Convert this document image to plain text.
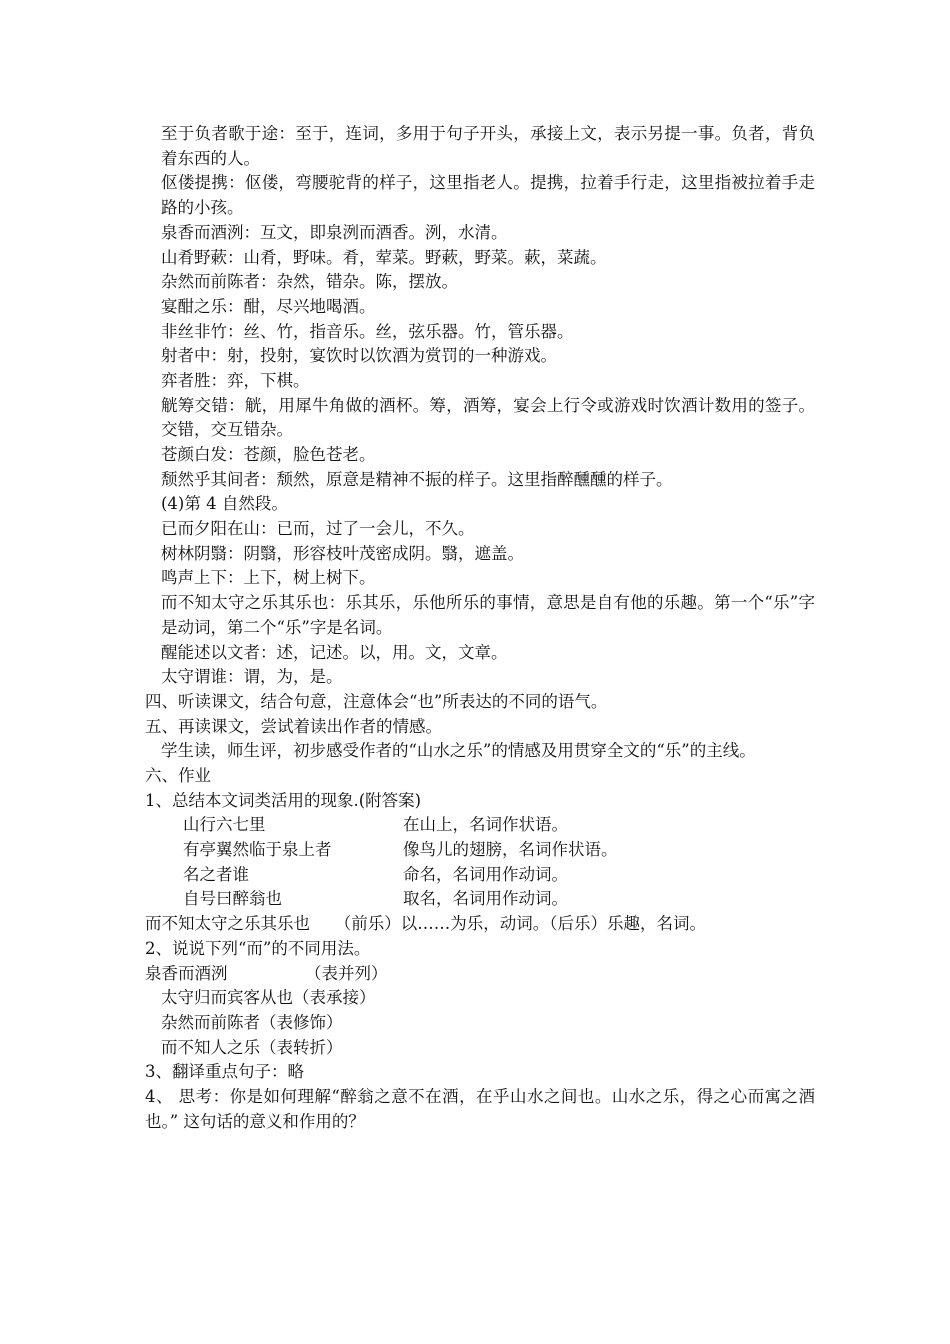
至于负者歌于途：至于，连词，多用于句子开头，承接上文，表示另提一事。负者，背负着东西的人。
伛偻提携：伛偻，弯腰驼背的样子，这里指老人。提携，拉着手行走，这里指被拉着手走路的小孩。
泉香而酒洌：互文，即泉洌而酒香。洌，水清。
山肴野蔌：山肴，野味。肴，荤菜。野蔌，野菜。蔌，菜蔬。
杂然而前陈者：杂然，错杂。陈，摆放。
宴酣之乐：酣，尽兴地喝酒。
非丝非竹：丝、竹，指音乐。丝，弦乐器。竹，管乐器。
射者中：射，投射，宴饮时以饮酒为赏罚的一种游戏。
弈者胜：弈，下棋。
觥筹交错：觥，用犀牛角做的酒杯。筹，酒筹，宴会上行令或游戏时饮酒计数用的签子。交错，交互错杂。
苍颜白发：苍颜，脸色苍老。
颓然乎其间者：颓然，原意是精神不振的样子。这里指醉醺醺的样子。
(4)第 4 自然段。
已而夕阳在山：已而，过了一会儿，不久。
树林阴翳：阴翳，形容枝叶茂密成阴。翳，遮盖。
鸣声上下：上下，树上树下。
而不知太守之乐其乐也：乐其乐，乐他所乐的事情，意思是自有他的乐趣。第一个“乐”字是动词，第二个“乐”字是名词。
醒能述以文者：述，记述。以，用。文，文章。
太守谓谁：谓，为，是。
四、听读课文，结合句意，注意体会“也”所表达的不同的语气。
五、再读课文，尝试着读出作者的情感。
学生读，师生评，初步感受作者的“山水之乐”的情感及用贯穿全文的“乐”的主线。
六、作业
1、总结本文词类活用的现象.(附答案)
山行六七里	在山上，名词作状语。
有亭翼然临于泉上者	像鸟儿的翅膀，名词作状语。
名之者谁	命名，名词用作动词。
自号曰醉翁也	取名，名词用作动词。
而不知太守之乐其乐也　　（前乐）以……为乐，动词。（后乐）乐趣，名词。
2、说说下列“而”的不同用法。
泉香而酒洌	（表并列）
太守归而宾客从也（表承接）
杂然而前陈者（表修饰）
而不知人之乐（表转折）
3、翻译重点句子：略
4、 思考：你是如何理解“醉翁之意不在酒，在乎山水之间也。山水之乐，得之心而寓之酒也。” 这句话的意义和作用的？
